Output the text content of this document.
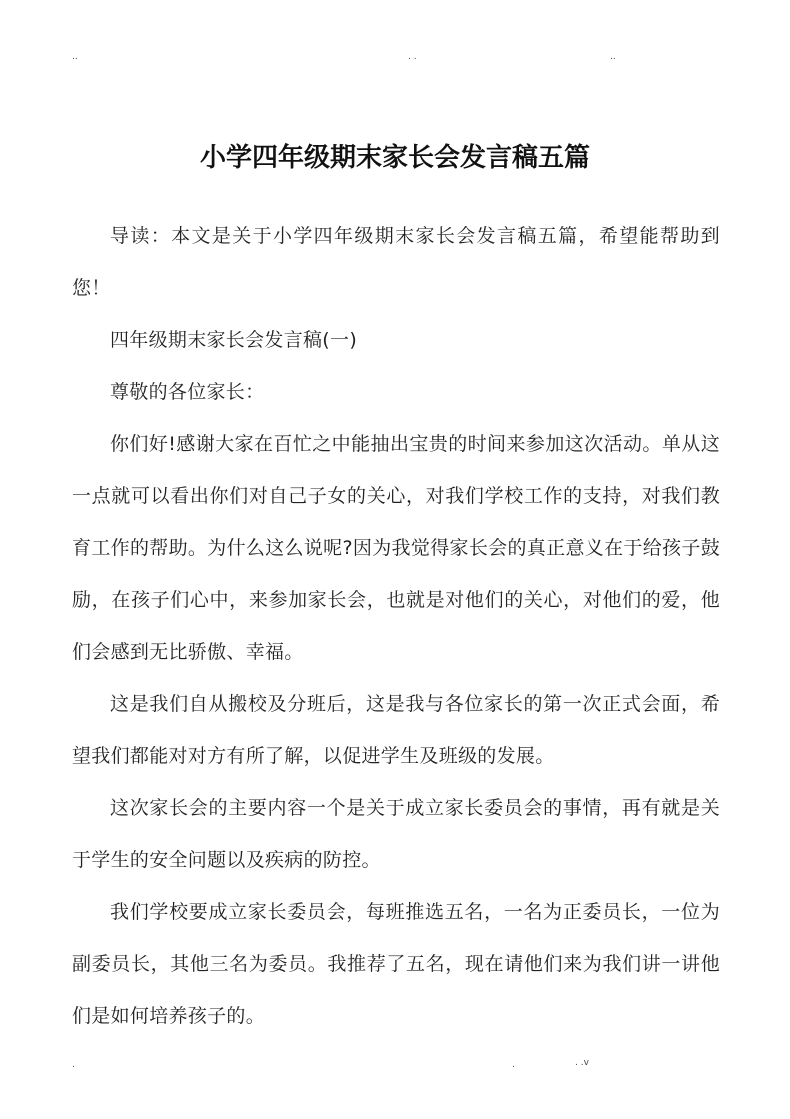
..	. .	..
小学四年级期末家长会发言稿五篇

导读：本文是关于小学四年级期末家长会发言稿五篇，希望能帮助到您！

四年级期末家长会发言稿(一)

尊敬的各位家长：

你们好!感谢大家在百忙之中能抽出宝贵的时间来参加这次活动。单从这一点就可以看出你们对自己子女的关心，对我们学校工作的支持，对我们教育工作的帮助。为什么这么说呢?因为我觉得家长会的真正意义在于给孩子鼓励，在孩子们心中，来参加家长会，也就是对他们的关心，对他们的爱，他们会感到无比骄傲、幸福。

这是我们自从搬校及分班后，这是我与各位家长的第一次正式会面，希望我们都能对对方有所了解，以促进学生及班级的发展。

这次家长会的主要内容一个是关于成立家长委员会的事情，再有就是关于学生的安全问题以及疾病的防控。

我们学校要成立家长委员会，每班推选五名，一名为正委员长，一位为副委员长，其他三名为委员。我推荐了五名，现在请他们来为我们讲一讲他们是如何培养孩子的。

.	.	. .v
